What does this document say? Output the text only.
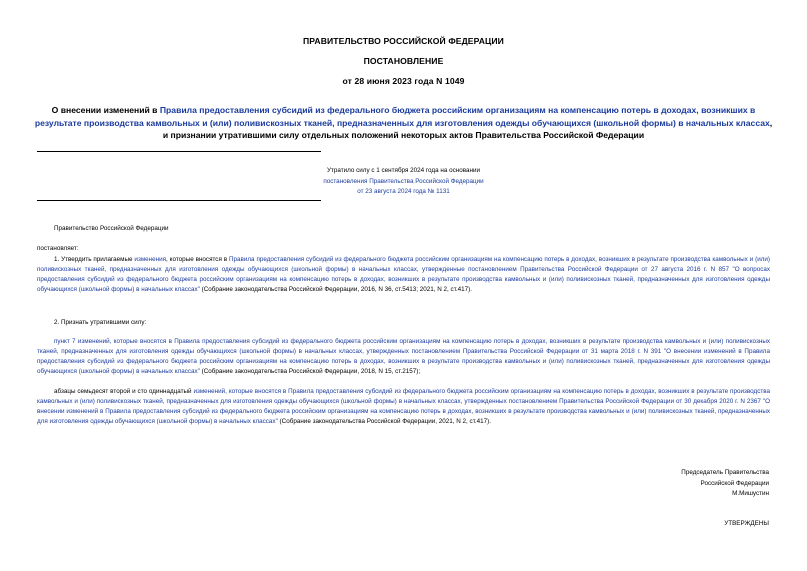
ПРАВИТЕЛЬСТВО РОССИЙСКОЙ ФЕДЕРАЦИИ
ПОСТАНОВЛЕНИЕ
от 28 июня 2023 года N 1049
О внесении изменений в Правила предоставления субсидий из федерального бюджета российским организациям на компенсацию потерь в доходах, возникших в результате производства камвольных и (или) поливискозных тканей, предназначенных для изготовления одежды обучающихся (школьной формы) в начальных классах, и признании утратившими силу отдельных положений некоторых актов Правительства Российской Федерации
Утратило силу с 1 сентября 2024 года на основании
постановления Правительства Российской Федерации
от 23 августа 2024 года № 1131
Правительство Российской Федерации
постановляет:
1. Утвердить прилагаемые изменения, которые вносятся в Правила предоставления субсидий из федерального бюджета российским организациям на компенсацию потерь в доходах, возникших в результате производства камвольных и (или) поливискозных тканей, предназначенных для изготовления одежды обучающихся (школьной формы) в начальных классах, утвержденные постановлением Правительства Российской Федерации от 27 августа 2016 г. N 857 "О вопросах предоставления субсидий из федерального бюджета российским организациям на компенсацию потерь в доходах, возникших в результате производства камвольных и (или) поливискозных тканей, предназначенных для изготовления одежды обучающихся (школьной формы) в начальных классах" (Собрание законодательства Российской Федерации, 2016, N 36, ст.5413; 2021, N 2, ст.417).
2. Признать утратившими силу:
пункт 7 изменений, которые вносятся в Правила предоставления субсидий из федерального бюджета российским организациям на компенсацию потерь в доходах, возникших в результате производства камвольных и (или) поливискозных тканей, предназначенных для изготовления одежды обучающихся (школьной формы) в начальных классах, утвержденных постановлением Правительства Российской Федерации от 31 марта 2018 г. N 391 "О внесении изменений в Правила предоставления субсидий из федерального бюджета российским организациям на компенсацию потерь в доходах, возникших в результате производства камвольных и (или) поливискозных тканей, предназначенных для изготовления одежды обучающихся (школьной формы) в начальных классах" (Собрание законодательства Российской Федерации, 2018, N 15, ст.2157);
абзацы семьдесят второй и сто одиннадцатый изменений, которые вносятся в Правила предоставления субсидий из федерального бюджета российским организациям на компенсацию потерь в доходах, возникших в результате производства камвольных и (или) поливискозных тканей, предназначенных для изготовления одежды обучающихся (школьной формы) в начальных классах, утвержденных постановлением Правительства Российской Федерации от 30 декабря 2020 г. N 2367 "О внесении изменений в Правила предоставления субсидий из федерального бюджета российским организациям на компенсацию потерь в доходах, возникших в результате производства камвольных и (или) поливискозных тканей, предназначенных для изготовления одежды обучающихся (школьной формы) в начальных классах" (Собрание законодательства Российской Федерации, 2021, N 2, ст.417).
Председатель Правительства
Российской Федерации
М.Мишустин
УТВЕРЖДЕНЫ
